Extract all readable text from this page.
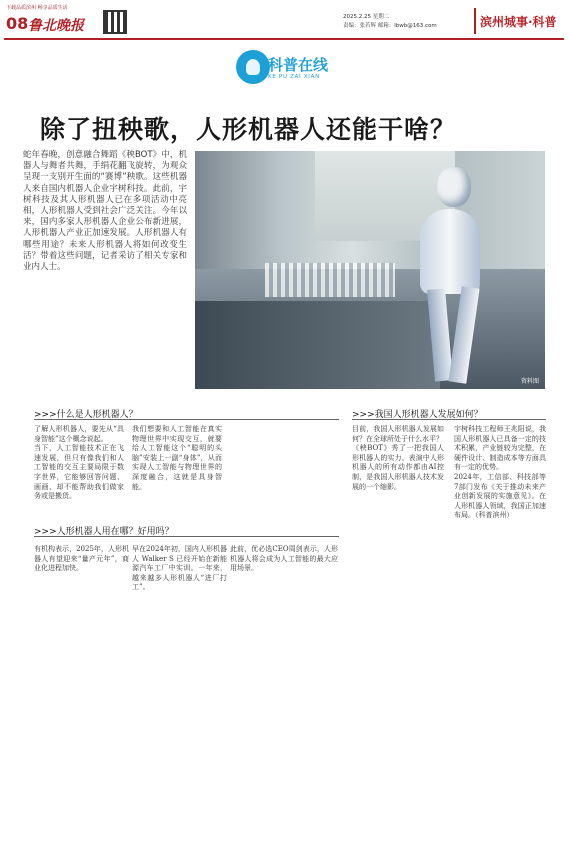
下载品质滨州 畅享品质生活
08 鲁北晚报
2025.2.25 星期二
责编：张若辉 邮箱：lbwb@163.com	滨州城事·科普
科普在线
KE PU ZAI XIAN
除了扭秧歌，人形机器人还能干啥？
蛇年春晚，创意融合舞蹈《秧BOT》中，机器人与舞者共舞，手绢花翻飞旋转，为观众呈现一支别开生面的“赛博”秧歌。这些机器人来自国内机器人企业宇树科技。此前，宇树科技及其人形机器人已在多项活动中亮相，人形机器人受到社会广泛关注。今年以来，国内多家人形机器人企业公布新进展，人形机器人产业正加速发展。人形机器人有哪些用途？未来人形机器人将如何改变生活？带着这些问题，记者采访了相关专家和业内人士。
资料图
>>>什么是人形机器人？
了解人形机器人，要先从“具身智能”这个概念说起。
当下，人工智能技术正在飞速发展，但只有像我们和人工智能的交互主要局限于数字世界，它能够回答问题、画画、却不能帮助我们做家务或是搬货。
我们想要和人工智能在真实物理世界中实现交互，就要给人工智能这个“聪明的头脑”安装上一副“身体”，从而实现人工智能与物理世界的深度融合，这就是具身智能。
>>>人形机器人用在哪？好用吗？
有机构表示，2025年，人形机器人有望迎来“量产元年”，商业化进程加快。
早在2024年初，国内人形机器人 Walker S 已经开始在新能源汽车工厂中实训。一年来，越来越多人形机器人“进厂打工”。
此前，优必选CEO周剑表示，人形机器人将会成为人工智能的最大应用场景。
>>>我国人形机器人发展如何？
目前，我国人形机器人发展如何？在全球所处于什么水平？
《秧BOT》秀了一把我国人形机器人的实力。表演中人形机器人的所有动作都由AI控制，是我国人形机器人技术发展的一个缩影。
宇树科技工程师王兆阳说，我国人形机器人已具备一定的技术积累，产业链较为完整，在硬件设计、制造成本等方面具有一定的优势。
2024年，工信部、科技部等7部门发布《关于推动未来产业创新发展的实施意见》。在人形机器人领域，我国正加速布局。（科普滨州）
